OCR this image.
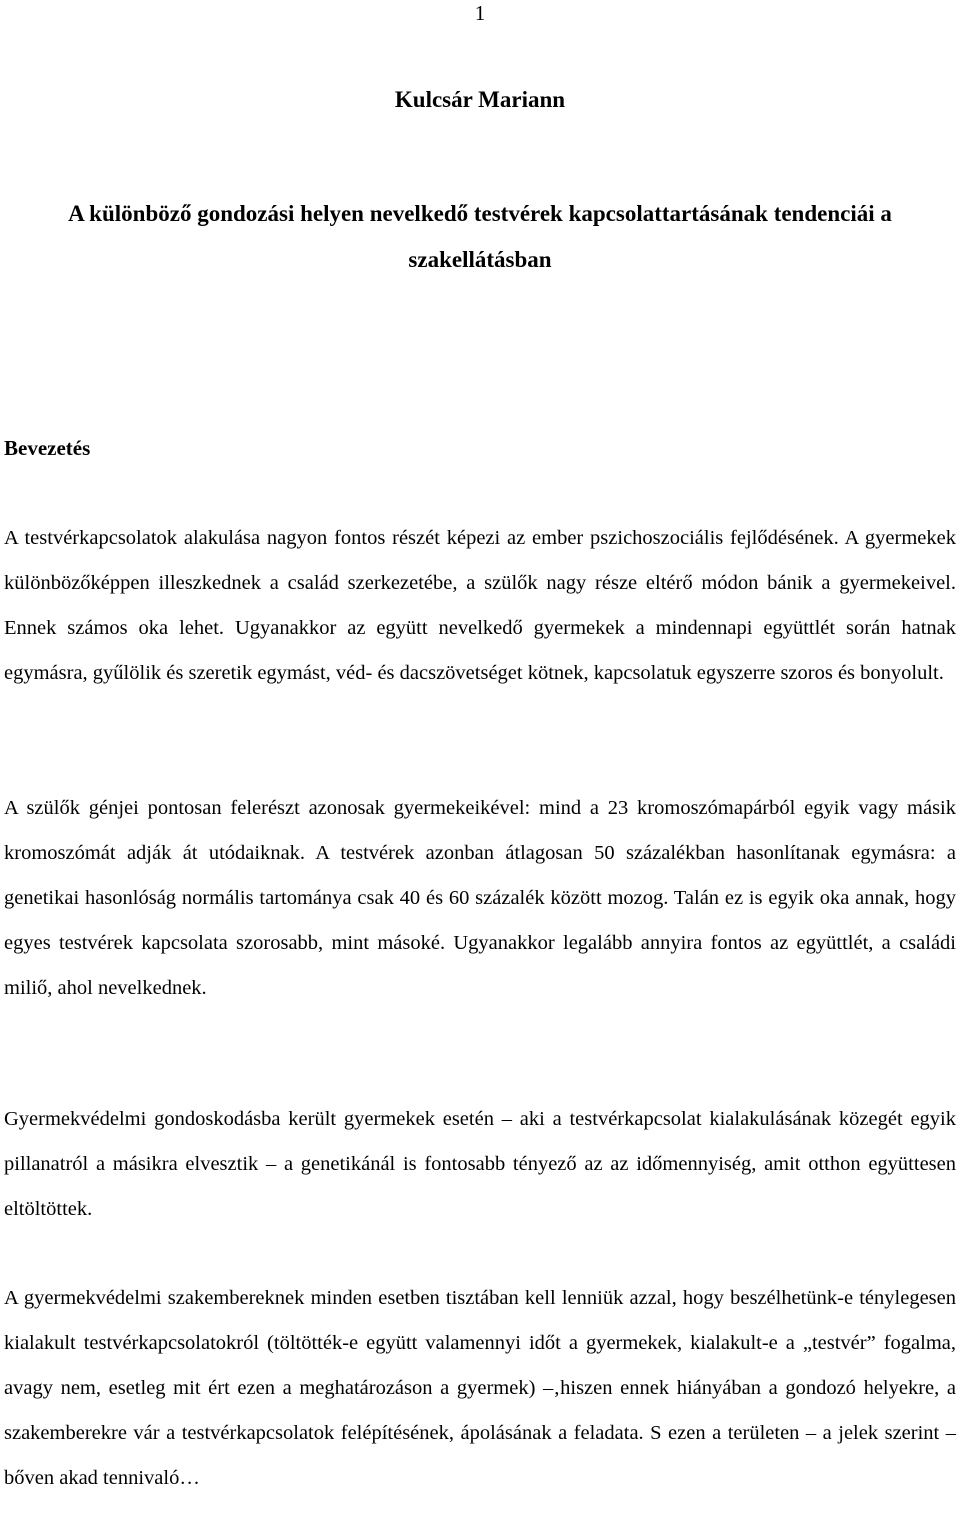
1
Kulcsár Mariann
A különböző gondozási helyen nevelkedő testvérek kapcsolattartásának tendenciái a szakellátásban
Bevezetés

A testvérkapcsolatok alakulása nagyon fontos részét képezi az ember pszichoszociális fejlődésének. A gyermekek különbözőképpen illeszkednek a család szerkezetébe, a szülők nagy része eltérő módon bánik a gyermekeivel. Ennek számos oka lehet. Ugyanakkor az együtt nevelkedő gyermekek a mindennapi együttlét során hatnak egymásra, gyűlölik és szeretik egymást, véd- és dacszövetséget kötnek, kapcsolatuk egyszerre szoros és bonyolult.

A szülők génjei pontosan felerészt azonosak gyermekeikével: mind a 23 kromoszómapárból egyik vagy másik kromoszómát adják át utódaiknak. A testvérek azonban átlagosan 50 százalékban hasonlítanak egymásra: a genetikai hasonlóság normális tartománya csak 40 és 60 százalék között mozog. Talán ez is egyik oka annak, hogy egyes testvérek kapcsolata szorosabb, mint másoké. Ugyanakkor legalább annyira fontos az együttlét, a családi miliő, ahol nevelkednek.

Gyermekvédelmi gondoskodásba került gyermekek esetén – aki a testvérkapcsolat kialakulásának közegét egyik pillanatról a másikra elvesztik – a genetikánál is fontosabb tényező az az időmennyiség, amit otthon együttesen eltöltöttek.

A gyermekvédelmi szakembereknek minden esetben tisztában kell lenniük azzal, hogy beszélhetünk-e ténylegesen kialakult testvérkapcsolatokról (töltötték-e együtt valamennyi időt a gyermekek, kialakult-e a „testvér” fogalma, avagy nem, esetleg mit ért ezen a meghatározáson a gyermek) –‚hiszen ennek hiányában a gondozó helyekre, a szakemberekre vár a testvérkapcsolatok felépítésének, ápolásának a feladata. S ezen a területen – a jelek szerint – bőven akad tennivaló…
